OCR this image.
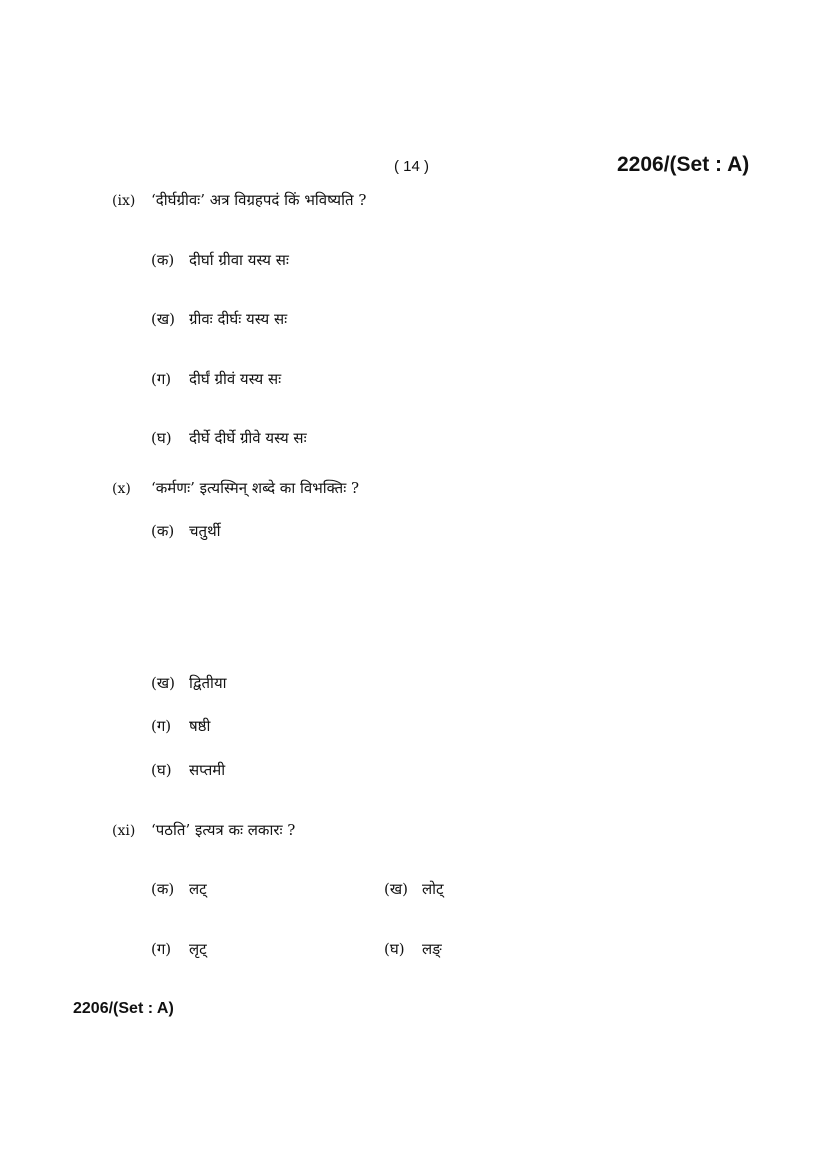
( 14 )	2206/(Set : A)
(ix) ‘दीर्घग्रीवः’ अत्र विग्रहपदं किं भविष्यति ?
(क) दीर्घा ग्रीवा यस्य सः
(ख) ग्रीवः दीर्घः यस्य सः
(ग) दीर्घं ग्रीवं यस्य सः
(घ) दीर्घे दीर्घे ग्रीवे यस्य सः
(x) ‘कर्मणः’ इत्यस्मिन् शब्दे का विभक्तिः ?
(क) चतुर्थी
(ख) द्वितीया
(ग) षष्ठी
(घ) सप्तमी
(xi) ‘पठति’ इत्यत्र कः लकारः ?
(क) लट्	(ख) लोट्
(ग) लृट्	(घ) लङ्
2206/(Set : A)
